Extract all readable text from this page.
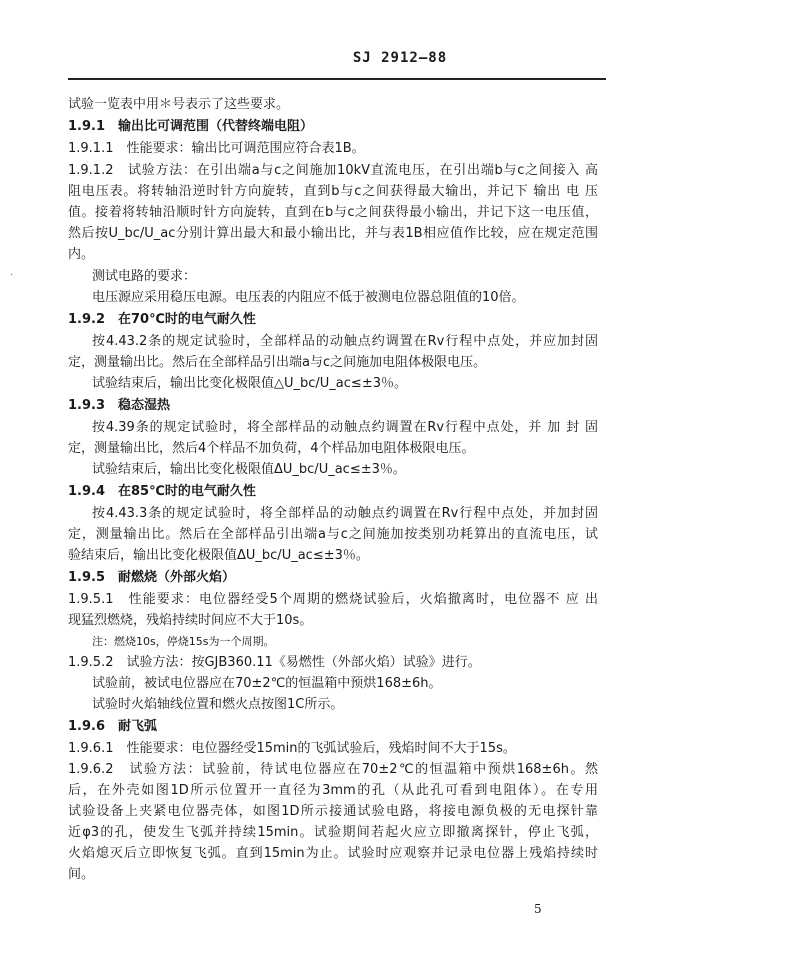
SJ 2912—88
·
试验一览表中用＊号表示了这些要求。
1.9.1　输出比可调范围（代替终端电阻）
1.9.1.1　性能要求：输出比可调范围应符合表1B。
1.9.1.2　试验方法：在引出端a与c之间施加10kV直流电压，在引出端b与c之间接入 高
阻电压表。将转轴沿逆时针方向旋转，直到b与c之间获得最大输出，并记下 输出 电 压
值。接着将转轴沿顺时针方向旋转，直到在b与c之间获得最小输出，并记下这一电压值，
然后按U_bc/U_ac分别计算出最大和最小输出比，并与表1B相应值作比较，应在规定范围
内。
测试电路的要求：
电压源应采用稳压电源。电压表的内阻应不低于被测电位器总阻值的10倍。
1.9.2　在70℃时的电气耐久性
按4.43.2条的规定试验时，全部样品的动触点约调置在Rv行程中点处，并应加封固
定，测量输出比。然后在全部样品引出端a与c之间施加电阻体极限电压。
试验结束后，输出比变化极限值△U_bc/U_ac≤±3％。
1.9.3　稳态湿热
按4.39条的规定试验时，将全部样品的动触点约调置在Rv行程中点处，并 加 封 固
定，测量输出比，然后4个样品不加负荷，4个样品加电阻体极限电压。
试验结束后，输出比变化极限值ΔU_bc/U_ac≤±3％。
1.9.4　在85℃时的电气耐久性
按4.43.3条的规定试验时，将全部样品的动触点约调置在Rv行程中点处，并加封固
定，测量输出比。然后在全部样品引出端a与c之间施加按类别功耗算出的直流电压，试
验结束后，输出比变化极限值ΔU_bc/U_ac≤±3％。
1.9.5　耐燃烧（外部火焰）
1.9.5.1　性能要求：电位器经受5个周期的燃烧试验后，火焰撤离时，电位器不 应 出
现猛烈燃烧，残焰持续时间应不大于10s。
注：燃烧10s，停烧15s为一个周期。
1.9.5.2　试验方法：按GJB360.11《易燃性（外部火焰）试验》进行。
试验前，被试电位器应在70±2℃的恒温箱中预烘168±6h。
试验时火焰轴线位置和燃火点按图1C所示。
1.9.6　耐飞弧
1.9.6.1　性能要求：电位器经受15min的飞弧试验后，残焰时间不大于15s。
1.9.6.2　试验方法：试验前，待试电位器应在70±2℃的恒温箱中预烘168±6h。然
后，在外壳如图1D所示位置开一直径为3mm的孔（从此孔可看到电阻体）。在专用
试验设备上夹紧电位器壳体，如图1D所示接通试验电路，将接电源负极的无电探针靠
近φ3的孔，使发生飞弧并持续15min。试验期间若起火应立即撤离探针，停止飞弧，
火焰熄灭后立即恢复飞弧。直到15min为止。试验时应观察并记录电位器上残焰持续时
间。
5
